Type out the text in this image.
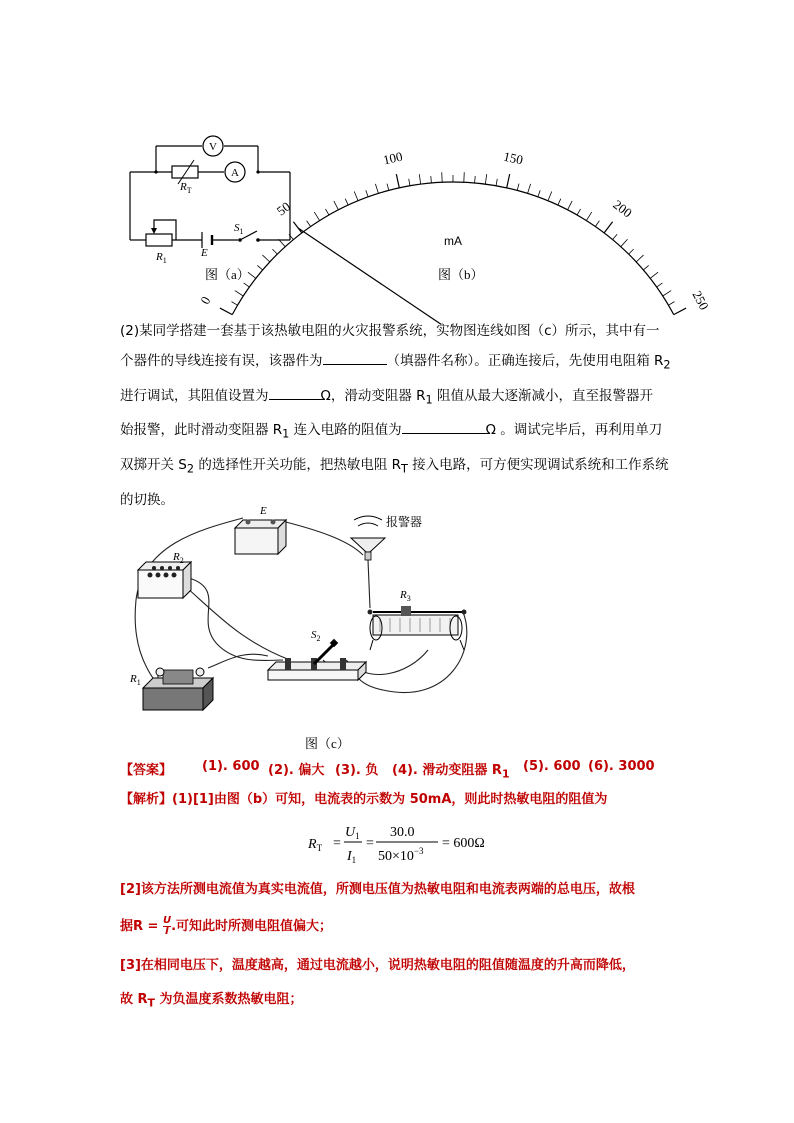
V
A
$R_T$
$R_1$
E
$S_1$
图（a）
0
50
100	150
200
250
mA
图（b）
(2)某同学搭建一套基于该热敏电阻的火灾报警系统，实物图连线如图（c）所示，其中有一
个器件的导线连接有误，该器件为	（填器件名称）。正确连接后，先使用电阻箱 $R_2$
进行调试，其阻值设置为	Ω，滑动变阻器 $R_1$ 阻值从最大逐渐减小，直至报警器开
始报警，此时滑动变阻器 $R_1$ 连入电路的阻值为	Ω 。调试完毕后，再利用单刀
双掷开关 $S_2$ 的选择性开关功能，把热敏电阻 $R_T$ 接入电路，可方便实现调试系统和工作系统
的切换。
E
报警器
$R_2$
$R_3$
$S_2$
$R_1$
图（c）
【答案】 (1). 600 (2). 偏大 (3). 负 (4). 滑动变阻器 $R_1$
(5). 600 (6). 3000
【解析】(1)[1]由图（b）可知，电流表的示数为 50mA，则此时热敏电阻的阻值为
$R_T$ =
$U_1$
$I_1$
=
30.0
$50\times 10^{-3} = 600\Omega$
[2]该方法所测电流值为真实电流值，所测电压值为热敏电阻和电流表两端的总电压，故根
据$R = \frac{U}{I}$ .可知此时所测电阻值偏大；
[3]在相同电压下，温度越高，通过电流越小，说明热敏电阻的阻值随温度的升高而降低，
故 $R_T$ 为负温度系数热敏电阻；
